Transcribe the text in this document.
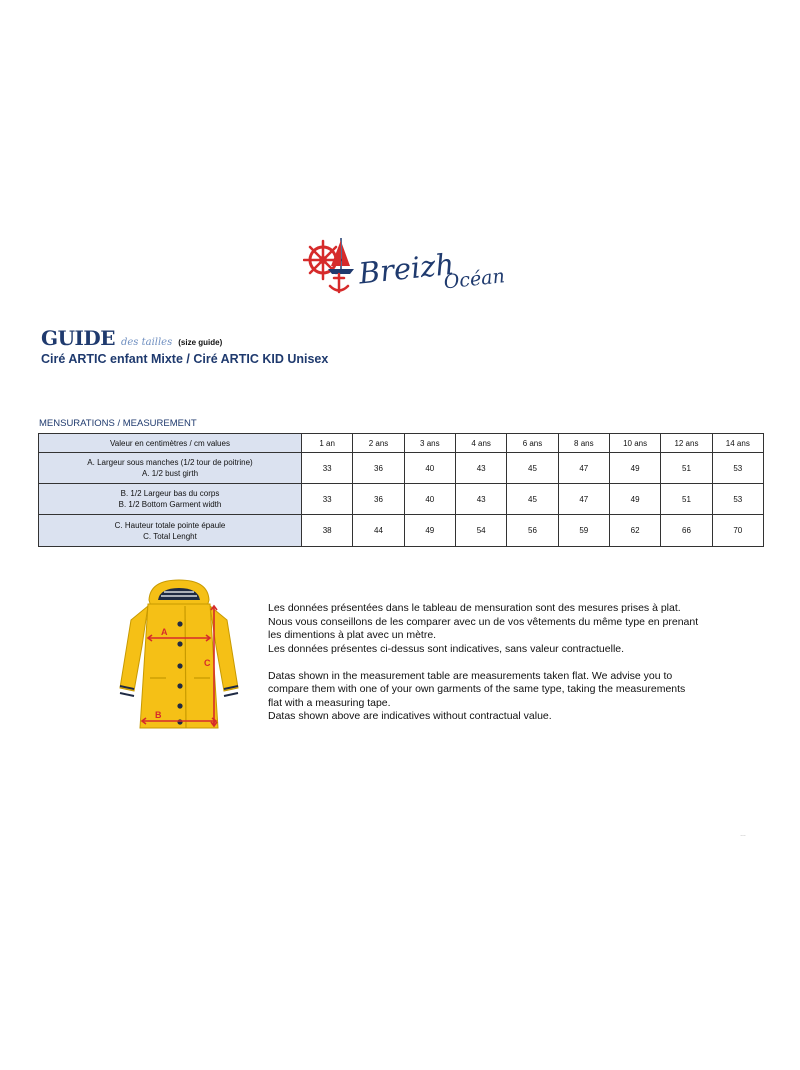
Breizh
Océan
GUIDE des tailles (size guide)
Ciré ARTIC enfant Mixte / Ciré ARTIC KID Unisex
MENSURATIONS / MEASUREMENT
Valeur en centimètres / cm values	1 an	2 ans	3 ans	4 ans	6 ans	8 ans	10 ans	12 ans	14 ans

A. Largeur sous manches (1/2 tour de poitrine)
A. 1/2 bust girth	33	36	40	43	45	47	49	51	53

B. 1/2 Largeur bas du corps
B. 1/2 Bottom Garment width	33	36	40	43	45	47	49	51	53

C. Hauteur totale pointe épaule
C. Total Lenght	38	44	49	54	56	59	62	66	70
A
B
C

Les données présentées dans le tableau de mensuration sont des mesures prises à plat.

Nous vous conseillons de les comparer avec un de vos vêtements du même type en prenant

les dimentions à plat avec un mètre.

Les données présentes ci-dessus sont indicatives, sans valeur contractuelle.

Datas shown in the measurement table are measurements taken flat. We advise you to

compare them with one of your own garments of the same type, taking the measurements

flat with a measuring tape.

Datas shown above are indicatives without contractual value.

…
